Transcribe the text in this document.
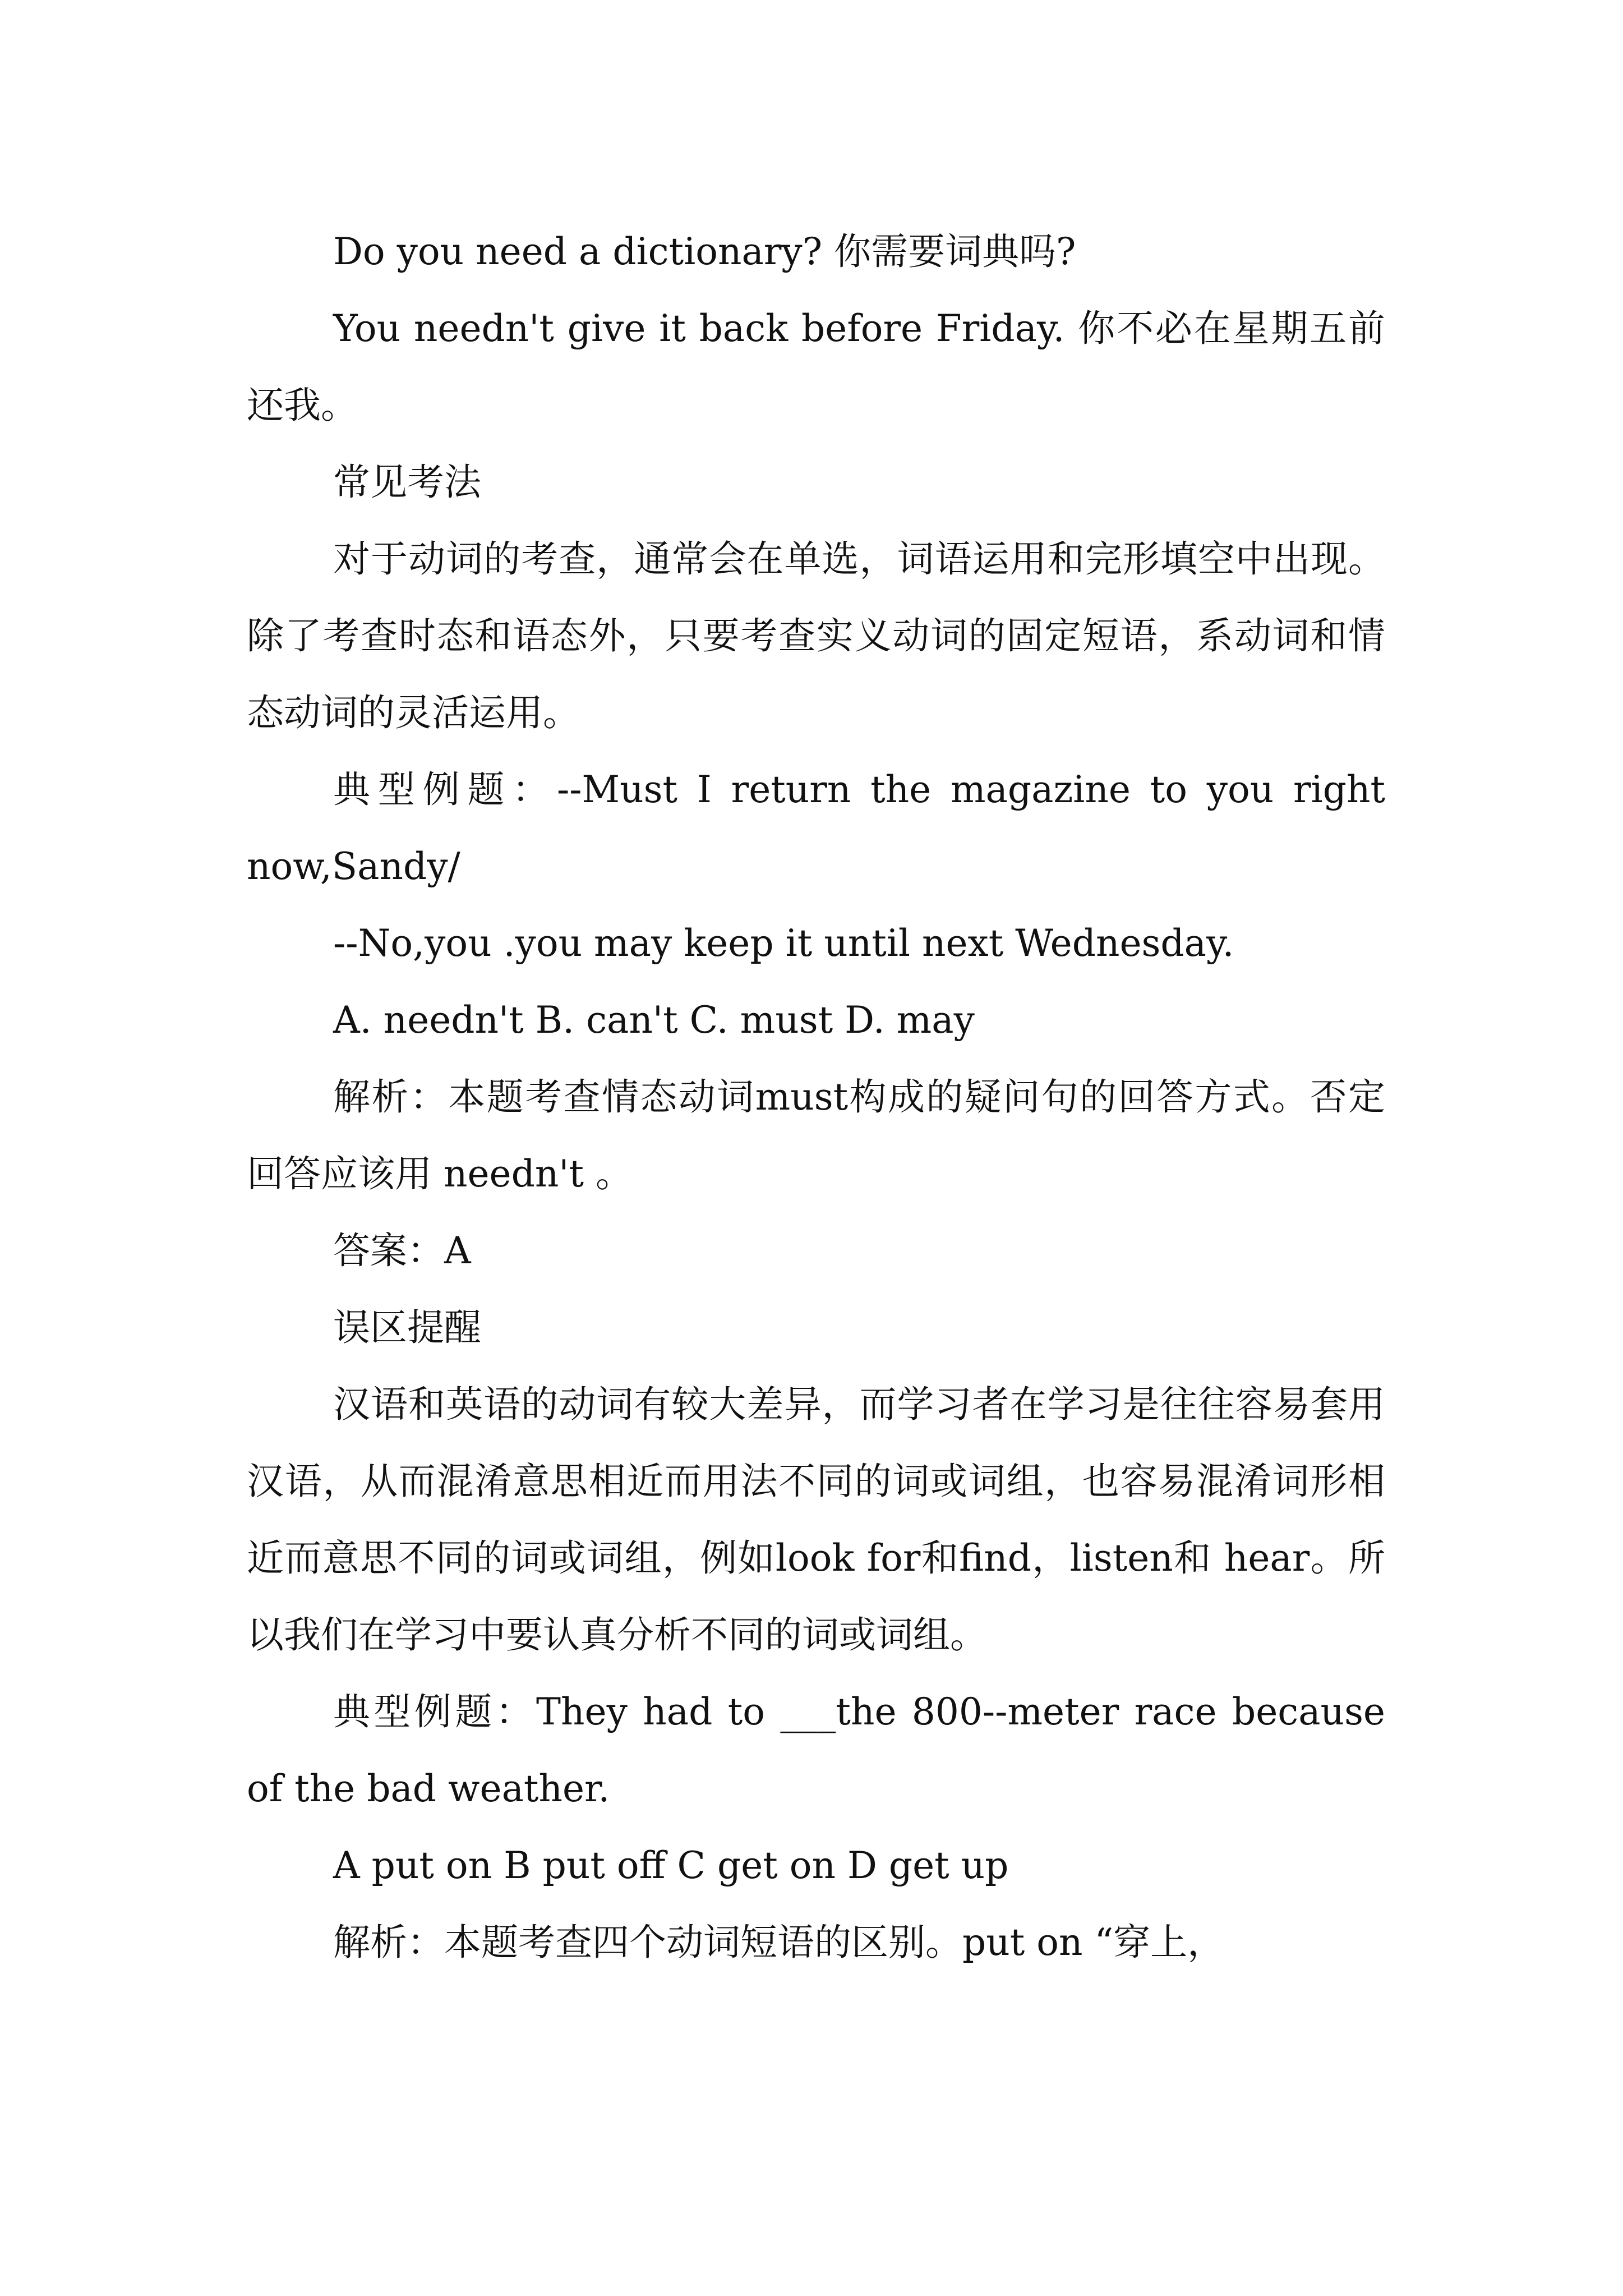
Do you need a dictionary? 你需要词典吗?

You needn't give it back before Friday. 你不必在星期五前还我。

常见考法

对于动词的考查，通常会在单选，词语运用和完形填空中出现。除了考查时态和语态外，只要考查实义动词的固定短语，系动词和情态动词的灵活运用。

典型例题：--Must I return the magazine to you right now,Sandy/

--No,you .you may keep it until next Wednesday.

A. needn't B. can't C. must D. may

解析：本题考查情态动词must构成的疑问句的回答方式。否定回答应该用 needn't 。

答案：A

误区提醒

汉语和英语的动词有较大差异，而学习者在学习是往往容易套用汉语，从而混淆意思相近而用法不同的词或词组，也容易混淆词形相近而意思不同的词或词组，例如look for和find，listen和 hear。所以我们在学习中要认真分析不同的词或词组。

典型例题：They had to ___the 800--meter race because of the bad weather.

A put on B put off C get on D get up

解析：本题考查四个动词短语的区别。put on “穿上，
